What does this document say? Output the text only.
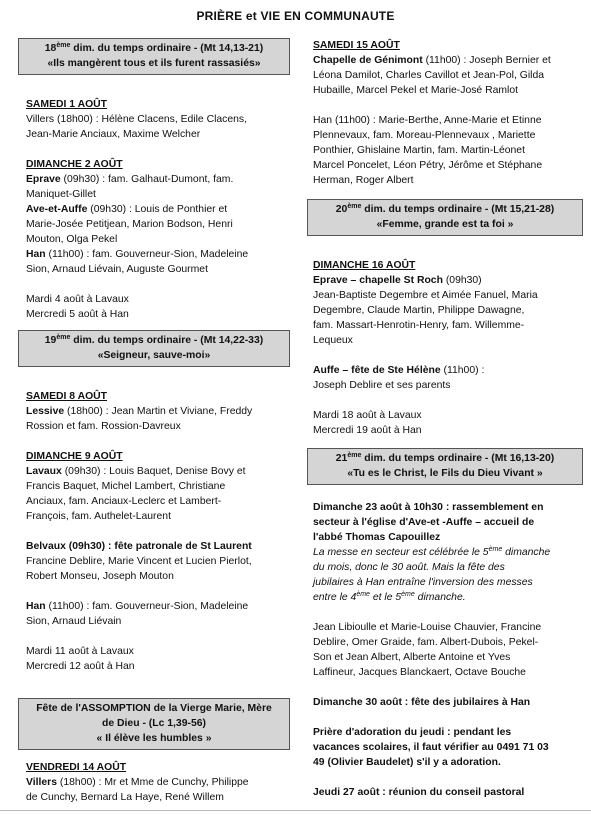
PRIÈRE et VIE EN COMMUNAUTE
18ème dim. du temps ordinaire - (Mt 14,13-21)
«Ils mangèrent tous et ils furent rassasiés»
SAMEDI 1 AOÛT
Villers (18h00) : Hélène Clacens, Edile Clacens,
Jean-Marie Anciaux, Maxime Welcher
DIMANCHE 2 AOÛT
Eprave (09h30) : fam. Galhaut-Dumont, fam.
Maniquet-Gillet
Ave-et-Auffe (09h30) : Louis de Ponthier et
Marie-Josée Petitjean, Marion Bodson, Henri
Mouton, Olga Pekel
Han (11h00) : fam. Gouverneur-Sion, Madeleine
Sion, Arnaud Liévain, Auguste Gourmet
Mardi 4 août à Lavaux
Mercredi 5 août à Han
19ème dim. du temps ordinaire - (Mt 14,22-33)
«Seigneur, sauve-moi»
SAMEDI 8 AOÛT
Lessive (18h00) : Jean Martin et Viviane, Freddy
Rossion et fam. Rossion-Davreux
DIMANCHE 9 AOÛT
Lavaux (09h30) : Louis Baquet, Denise Bovy et
Francis Baquet, Michel Lambert, Christiane
Anciaux, fam. Anciaux-Leclerc et Lambert-
François, fam. Authelet-Laurent
Belvaux (09h30) : fête patronale de St Laurent
Francine Deblire, Marie Vincent et Lucien Pierlot,
Robert Monseu, Joseph Mouton
Han (11h00) : fam. Gouverneur-Sion, Madeleine
Sion, Arnaud Liévain
Mardi 11 août à Lavaux
Mercredi 12 août à Han
Fête de l'ASSOMPTION de la Vierge Marie, Mère
de Dieu - (Lc 1,39-56)
« Il élève les humbles »
VENDREDI 14 AOÛT
Villers (18h00) : Mr et Mme de Cunchy, Philippe
de Cunchy, Bernard La Haye, René Willem
SAMEDI 15 AOÛT
Chapelle de Génimont (11h00) : Joseph Bernier et
Léona Damilot, Charles Cavillot et Jean-Pol, Gilda
Hubaille, Marcel Pekel et Marie-José Ramlot
Han (11h00) : Marie-Berthe, Anne-Marie et Etinne
Plennevaux, fam. Moreau-Plennevaux , Mariette
Ponthier, Ghislaine Martin, fam. Martin-Léonet
Marcel Poncelet, Léon Pétry, Jérôme et Stéphane
Herman, Roger Albert
20ème dim. du temps ordinaire - (Mt 15,21-28)
«Femme, grande est ta foi »
DIMANCHE 16 AOÛT
Eprave – chapelle St Roch (09h30)
Jean-Baptiste Degembre et Aimée Fanuel, Maria
Degembre, Claude Martin, Philippe Dawagne,
fam. Massart-Henrotin-Henry, fam. Willemme-
Lequeux
Auffe – fête de Ste Hélène (11h00) :
Joseph Deblire et ses parents
Mardi 18 août à Lavaux
Mercredi 19 août à Han
21ème dim. du temps ordinaire - (Mt 16,13-20)
«Tu es le Christ, le Fils du Dieu Vivant »
Dimanche 23 août à 10h30 : rassemblement en
secteur à l'église d'Ave-et -Auffe – accueil de
l'abbé Thomas Capouillez
La messe en secteur est célébrée le 5ème dimanche
du mois, donc le 30 août. Mais la fête des
jubilaires à Han entraîne l'inversion des messes
entre le 4ème et le 5ème dimanche.
Jean Libioulle et Marie-Louise Chauvier, Francine
Deblire, Omer Graide, fam. Albert-Dubois, Pekel-
Son et Jean Albert, Alberte Antoine et Yves
Laffineur, Jacques Blanckaert, Octave Bouche
Dimanche 30 août : fête des jubilaires à Han
Prière d'adoration du jeudi : pendant les
vacances scolaires, il faut vérifier au 0491 71 03
49 (Olivier Baudelet) s'il y a adoration.
Jeudi 27 août : réunion du conseil pastoral
